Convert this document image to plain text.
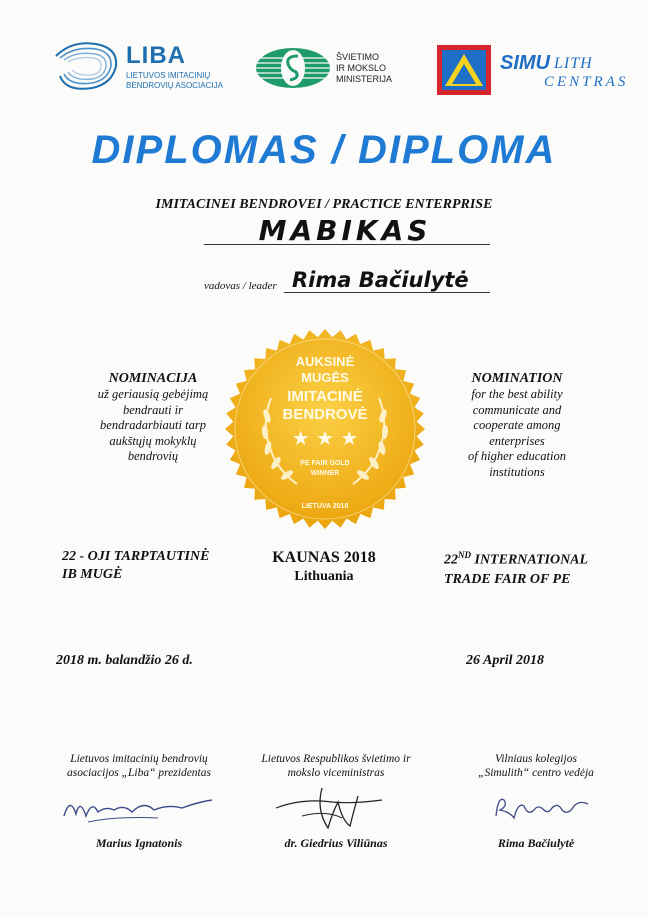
LIBA
LIETUVOS IMITACINIŲ
BENDROVIŲ ASOCIACIJA
ŠVIETIMO
IR MOKSLO
MINISTERIJA
SIMU LITH
CENTRAS
DIPLOMAS / DIPLOMA
IMITACINEI BENDROVEI / PRACTICE ENTERPRISE
MABIKAS
vadovas / leader Rima Bačiulytė
NOMINACIJA
už geriausią gebėjimą
bendrauti ir
bendradarbiauti tarp
aukštųjų mokyklų
bendrovių
AUKSINĖ
MUGĖS
IMITACINĖ
BENDROVĖ
★ ★ ★
PE FAIR GOLD
WINNER
LIETUVA 2018
NOMINATION
for the best ability
communicate and
cooperate among
enterprises
of higher education
institutions
22 - OJI TARPTAUTINĖ
IB MUGĖ
KAUNAS 2018
Lithuania
22ND INTERNATIONAL
TRADE FAIR OF PE
2018 m. balandžio 26 d.	26 April 2018
Lietuvos imitacinių bendrovių
asociacijos „Liba“ prezidentas
Lietuvos Respublikos švietimo ir
mokslo viceministras
Vilniaus kolegijos
„Simulith“ centro vedėja
Marius Ignatonis	dr. Giedrius Viliūnas	Rima Bačiulytė
